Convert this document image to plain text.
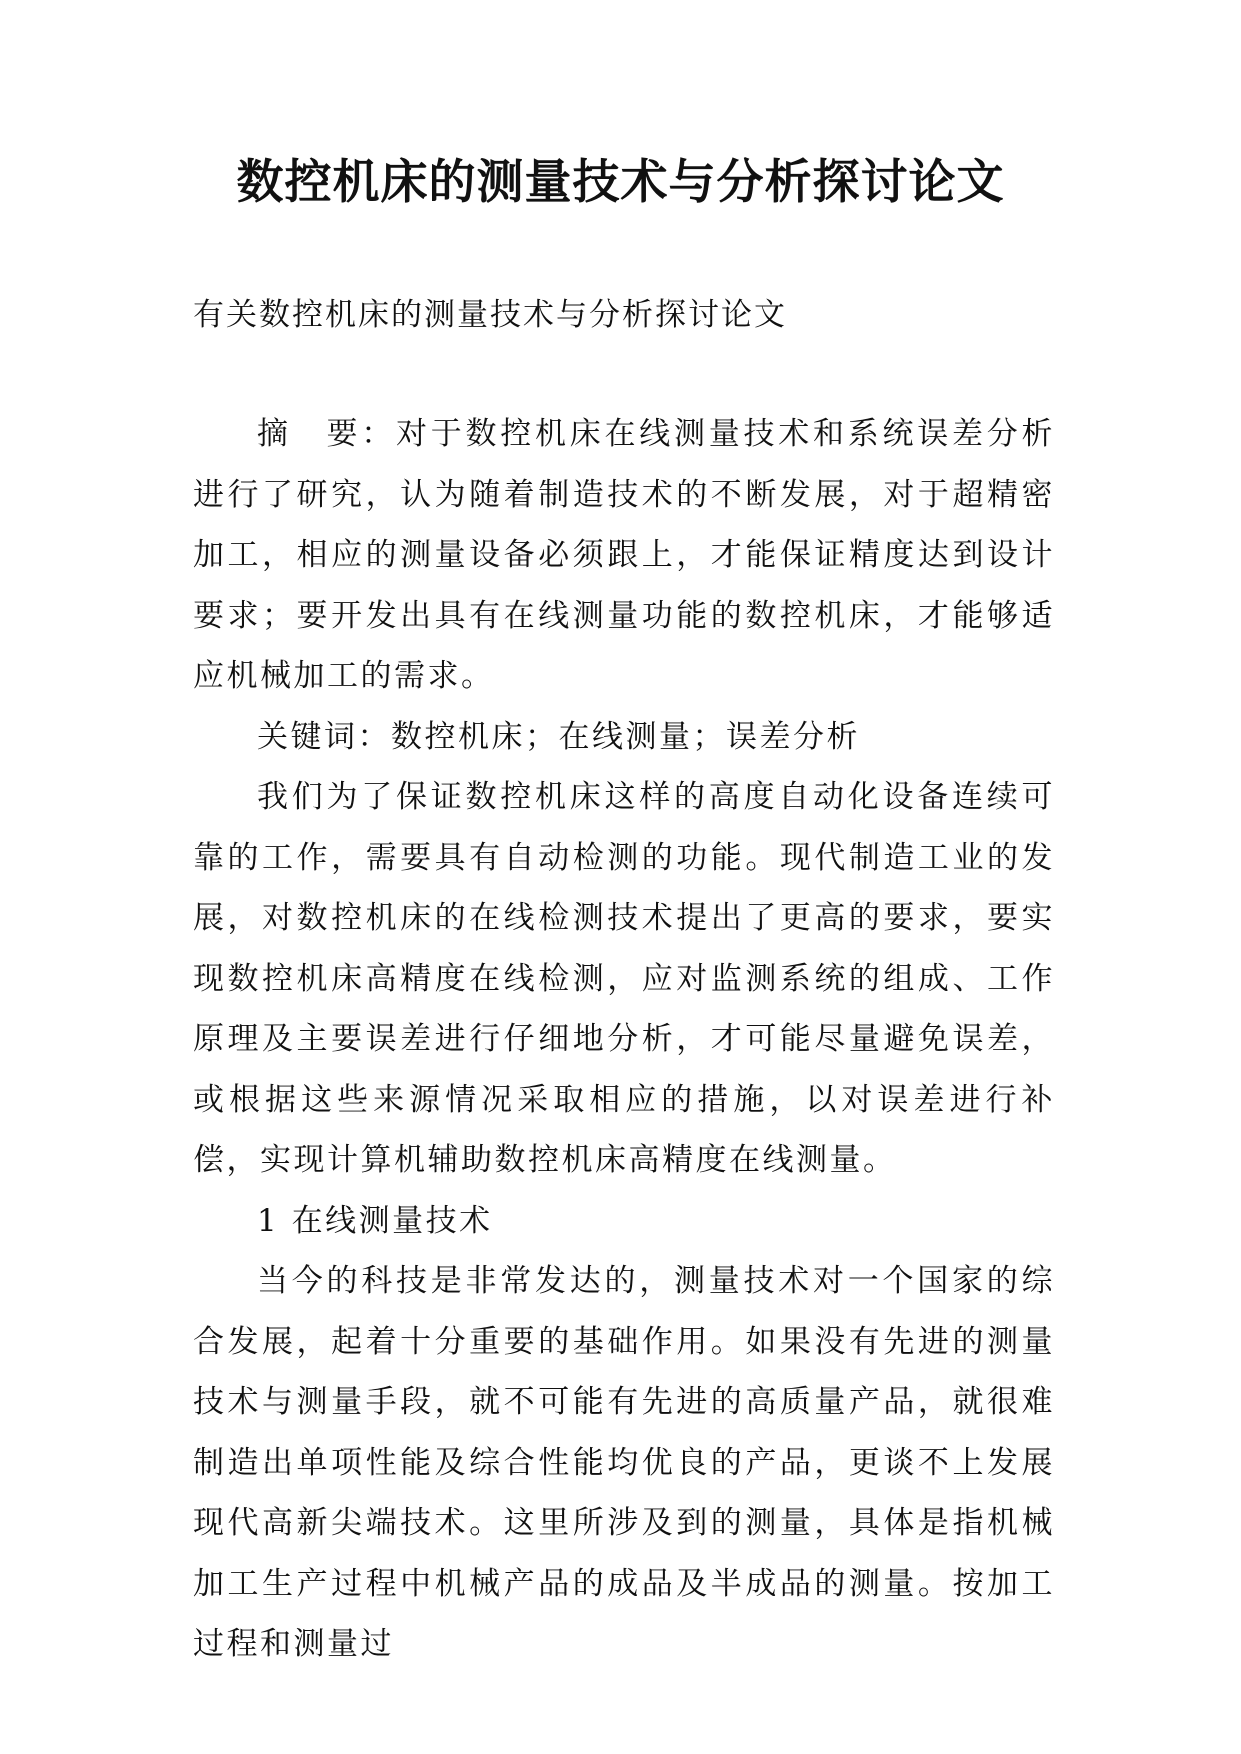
数控机床的测量技术与分析探讨论文
有关数控机床的测量技术与分析探讨论文

摘　要：对于数控机床在线测量技术和系统误差分析进行了研究，认为随着制造技术的不断发展，对于超精密加工，相应的测量设备必须跟上，才能保证精度达到设计要求；要开发出具有在线测量功能的数控机床，才能够适应机械加工的需求。

关键词：数控机床；在线测量；误差分析

我们为了保证数控机床这样的高度自动化设备连续可靠的工作，需要具有自动检测的功能。现代制造工业的发展，对数控机床的在线检测技术提出了更高的要求，要实现数控机床高精度在线检测，应对监测系统的组成、工作原理及主要误差进行仔细地分析，才可能尽量避免误差，或根据这些来源情况采取相应的措施，以对误差进行补偿，实现计算机辅助数控机床高精度在线测量。

1 在线测量技术

当今的科技是非常发达的，测量技术对一个国家的综合发展，起着十分重要的基础作用。如果没有先进的测量技术与测量手段，就不可能有先进的高质量产品，就很难制造出单项性能及综合性能均优良的产品，更谈不上发展现代高新尖端技术。这里所涉及到的测量，具体是指机械加工生产过程中机械产品的成品及半成品的测量。按加工过程和测量过
